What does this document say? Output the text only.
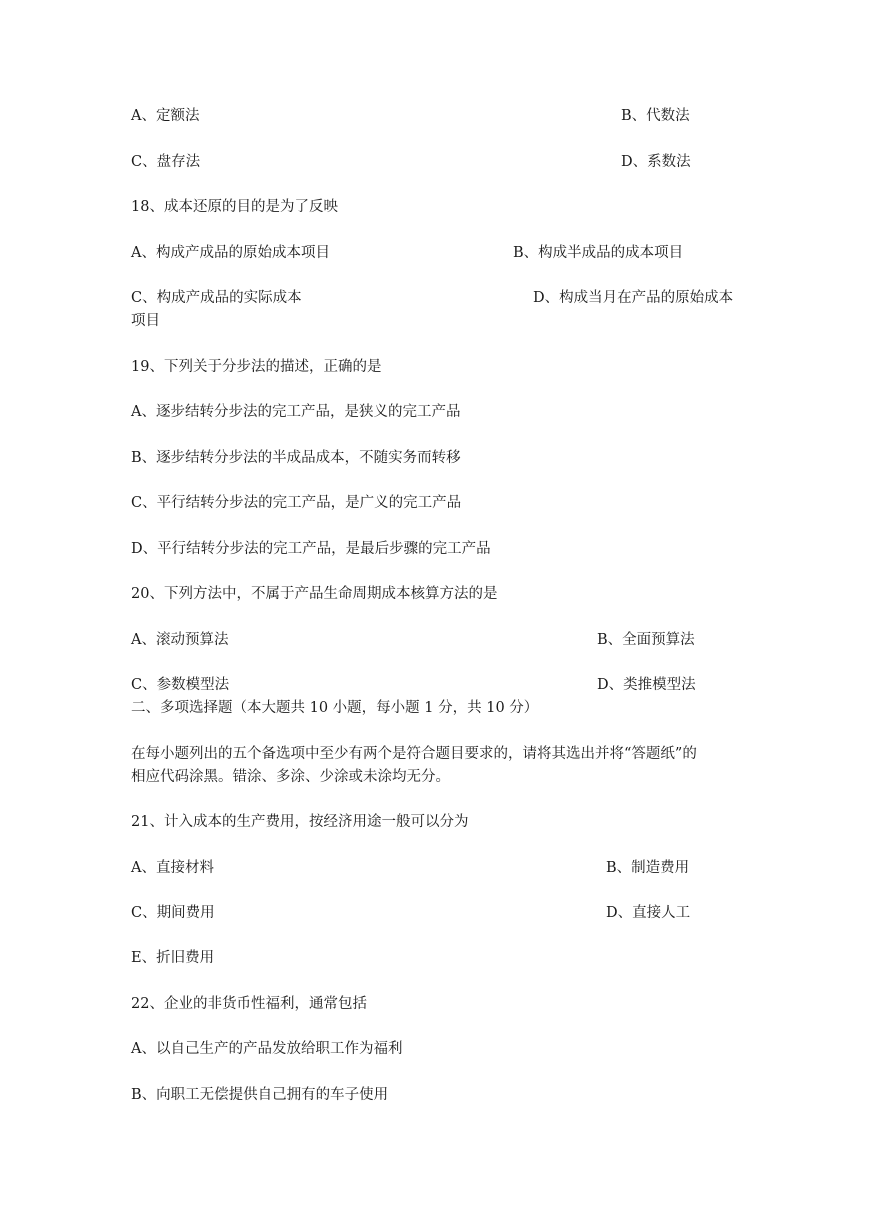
A、定额法	B、代数法
C、盘存法	D、系数法
18、成本还原的目的是为了反映
A、构成产成品的原始成本项目	B、构成半成品的成本项目
C、构成产成品的实际成本	D、构成当月在产品的原始成本
项目
19、下列关于分步法的描述，正确的是
A、逐步结转分步法的完工产品，是狭义的完工产品
B、逐步结转分步法的半成品成本，不随实务而转移
C、平行结转分步法的完工产品，是广义的完工产品
D、平行结转分步法的完工产品，是最后步骤的完工产品
20、下列方法中，不属于产品生命周期成本核算方法的是
A、滚动预算法	B、全面预算法
C、参数模型法	D、类推模型法
二、多项选择题（本大题共 10 小题，每小题 1 分，共 10 分）
在每小题列出的五个备选项中至少有两个是符合题目要求的，请将其选出并将“答题纸”的
相应代码涂黑。错涂、多涂、少涂或未涂均无分。
21、计入成本的生产费用，按经济用途一般可以分为
A、直接材料	B、制造费用
C、期间费用	D、直接人工
E、折旧费用
22、企业的非货币性福利，通常包括
A、以自己生产的产品发放给职工作为福利
B、向职工无偿提供自己拥有的车子使用
